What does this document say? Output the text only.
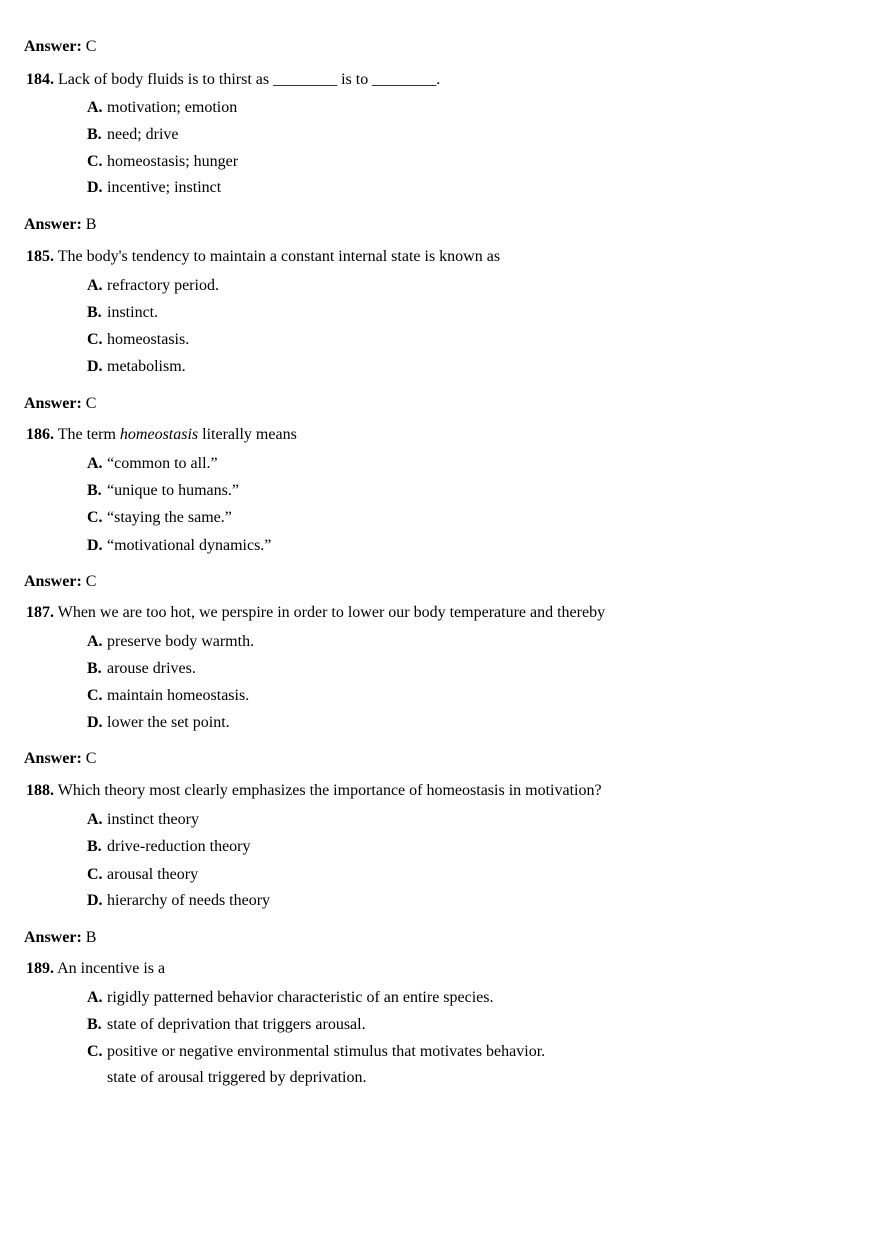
Answer: C
184. Lack of body fluids is to thirst as ________ is to ________.
A. motivation; emotion
B. need; drive
C. homeostasis; hunger
D. incentive; instinct
Answer: B
185. The body's tendency to maintain a constant internal state is known as
A. refractory period.
B. instinct.
C. homeostasis.
D. metabolism.
Answer: C
186. The term homeostasis literally means
A. “common to all.”
B. “unique to humans.”
C. “staying the same.”
D. “motivational dynamics.”
Answer: C
187. When we are too hot, we perspire in order to lower our body temperature and thereby
A. preserve body warmth.
B. arouse drives.
C. maintain homeostasis.
D. lower the set point.
Answer: C
188. Which theory most clearly emphasizes the importance of homeostasis in motivation?
A. instinct theory
B. drive-reduction theory
C. arousal theory
D. hierarchy of needs theory
Answer: B
189. An incentive is a
A. rigidly patterned behavior characteristic of an entire species.
B. state of deprivation that triggers arousal.
C. positive or negative environmental stimulus that motivates behavior.
state of arousal triggered by deprivation.
